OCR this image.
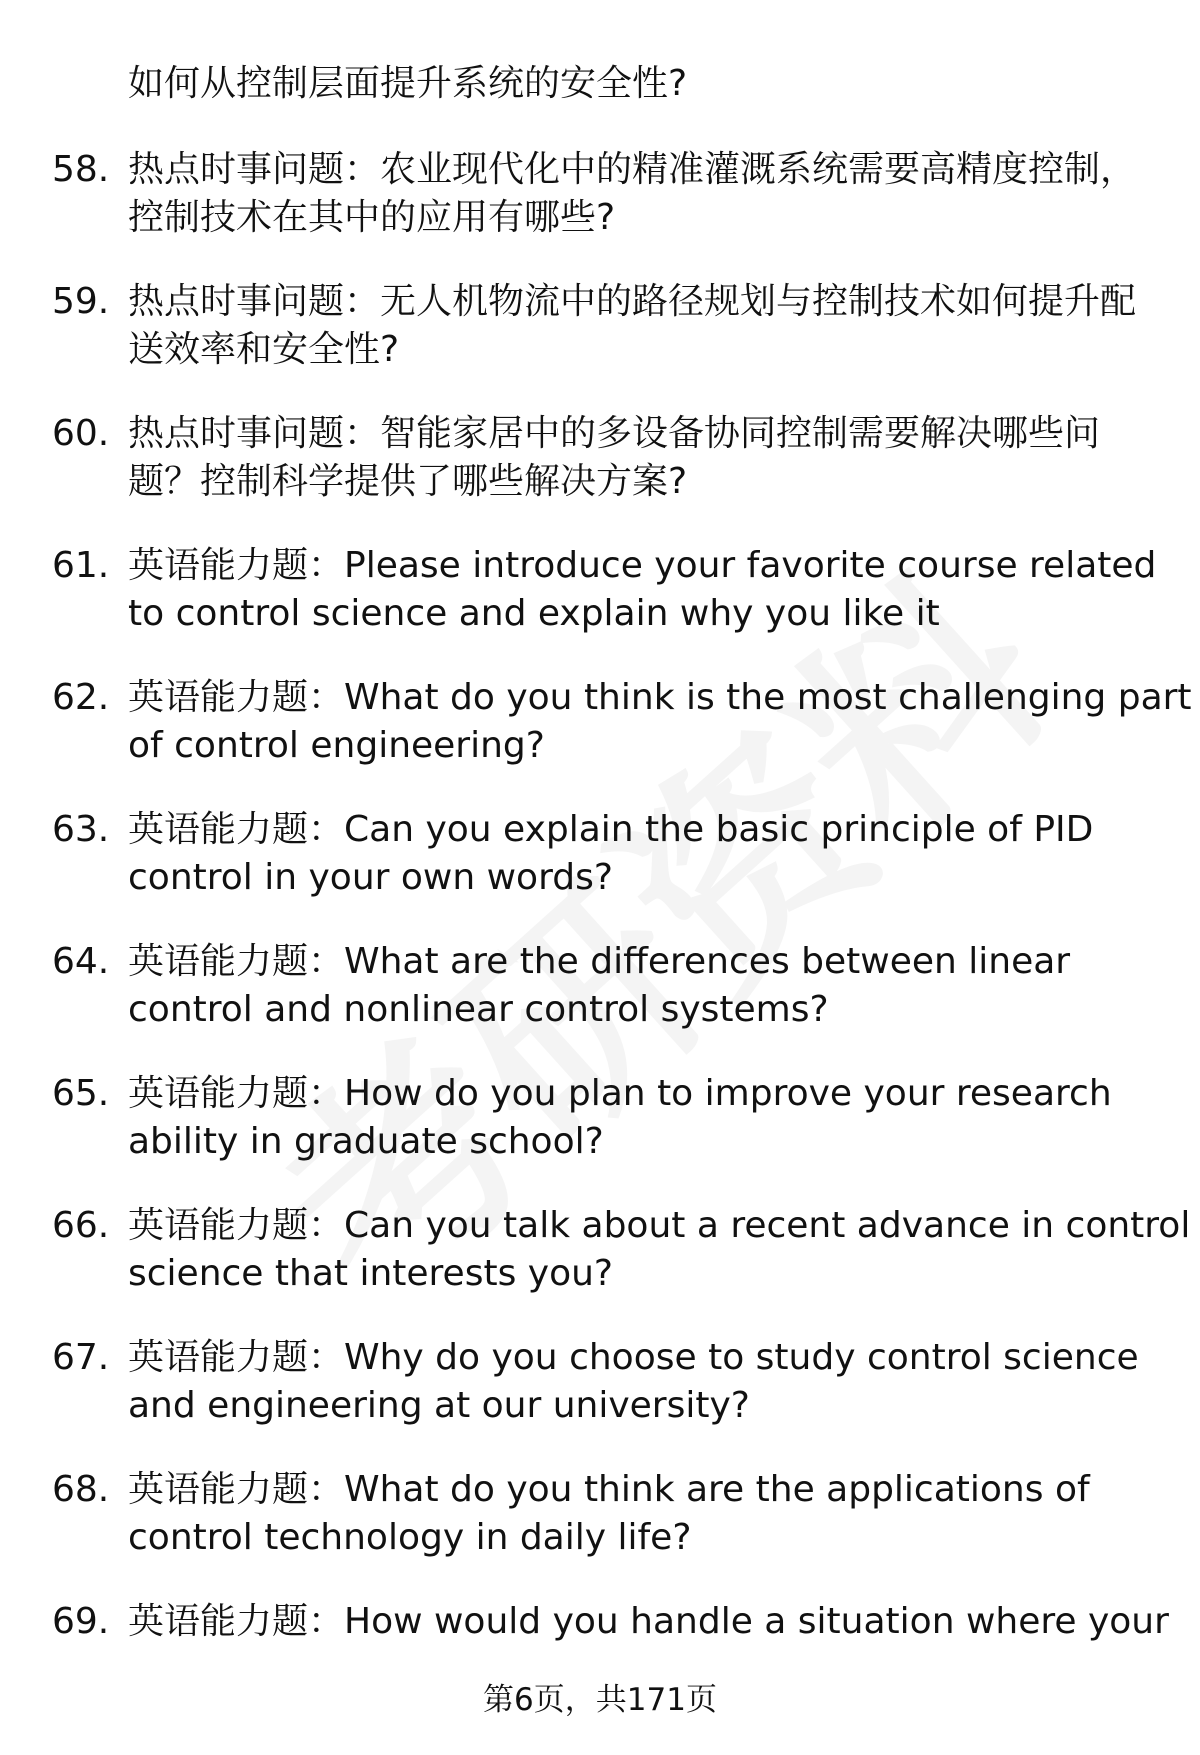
如何从控制层面提升系统的安全性?
58. 热点时事问题：农业现代化中的精准灌溉系统需要高精度控制，
控制技术在其中的应用有哪些?
59. 热点时事问题：无人机物流中的路径规划与控制技术如何提升配
送效率和安全性?
60. 热点时事问题：智能家居中的多设备协同控制需要解决哪些问
题？控制科学提供了哪些解决方案?
61. 英语能力题：Please introduce your favorite course related
to control science and explain why you like it
62. 英语能力题：What do you think is the most challenging part
of control engineering?
63. 英语能力题：Can you explain the basic principle of PID
control in your own words?
64. 英语能力题：What are the differences between linear
control and nonlinear control systems?
65. 英语能力题：How do you plan to improve your research
ability in graduate school?
66. 英语能力题：Can you talk about a recent advance in control
science that interests you?
67. 英语能力题：Why do you choose to study control science
and engineering at our university?
68. 英语能力题：What do you think are the applications of
control technology in daily life?
69. 英语能力题：How would you handle a situation where your
第6页，共171页
